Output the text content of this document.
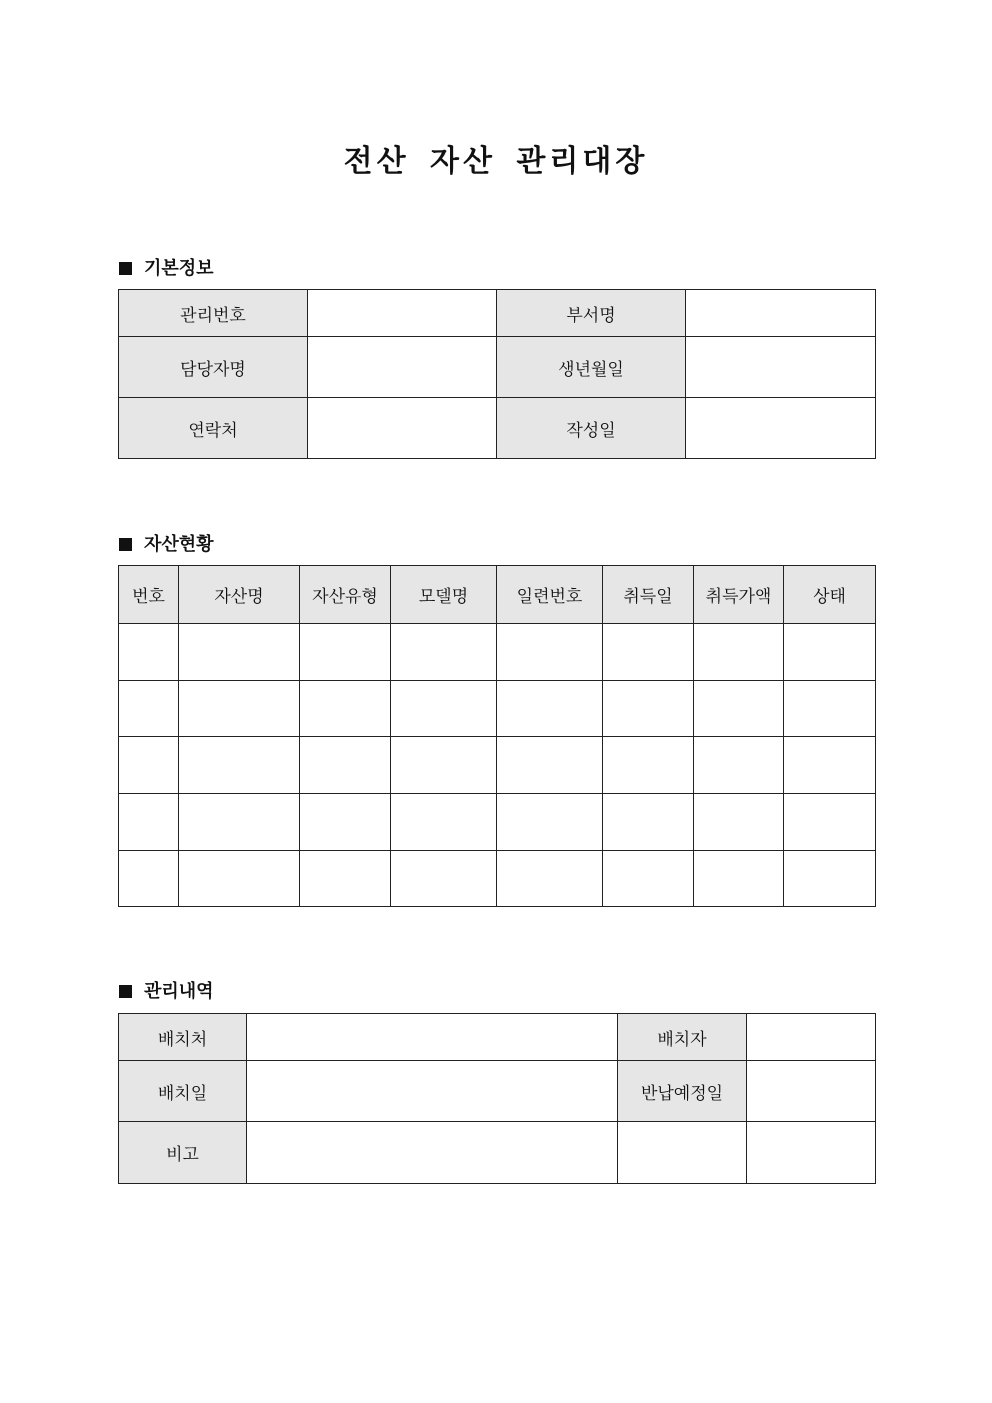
전산 자산 관리대장
기본정보
관리번호		부서명	
담당자명		생년월일	
연락처		작성일	
자산현황
번호	자산명	자산유형	모델명	일련번호	취득일	취득가액	상태

관리내역
배치처		배치자	
배치일		반납예정일	
비고			
